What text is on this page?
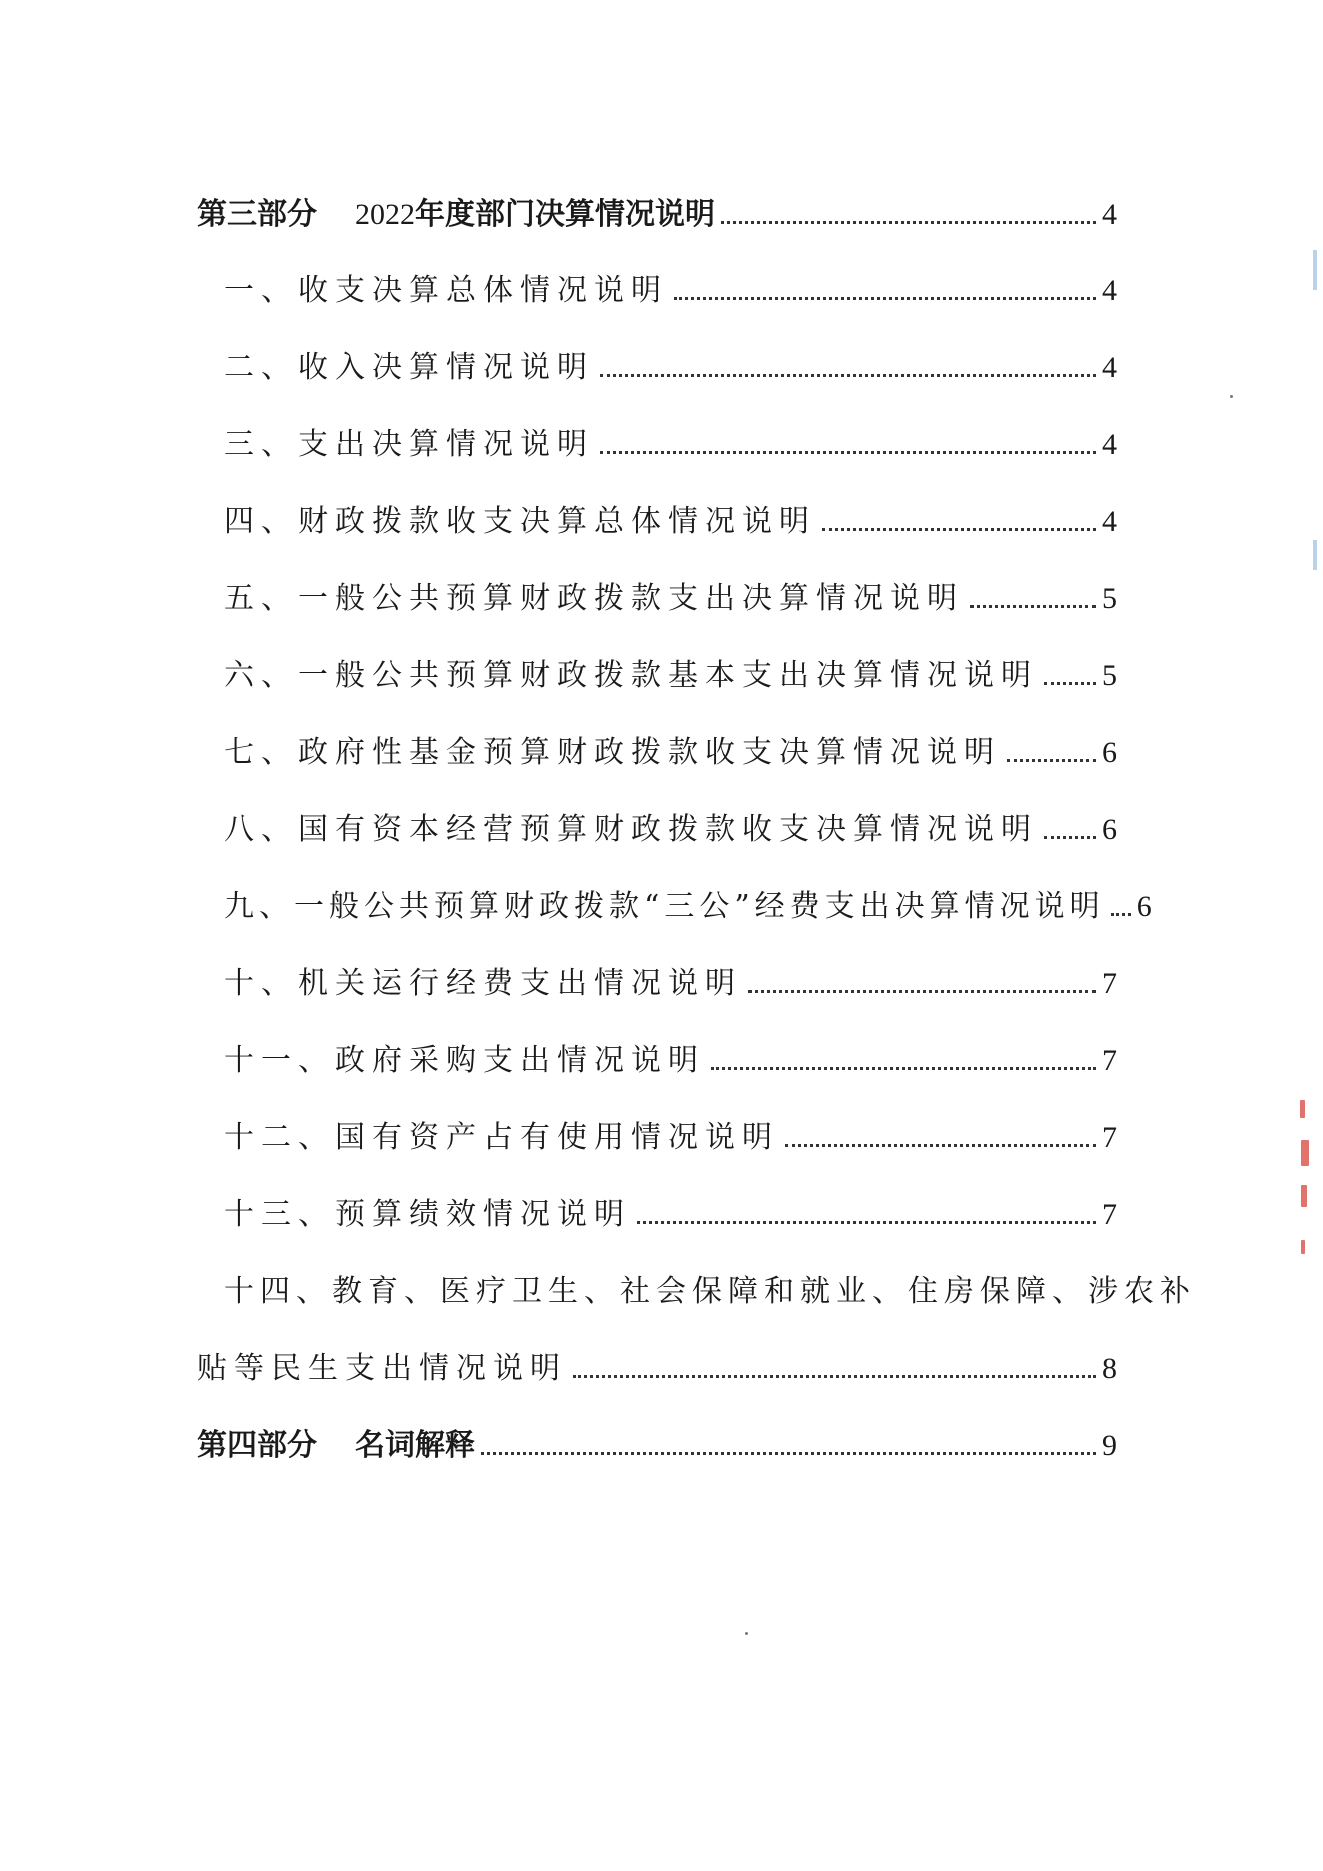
第三部分 2022年度部门决算情况说明	4
一、收支决算总体情况说明	4
二、收入决算情况说明	4
三、支出决算情况说明	4
四、财政拨款收支决算总体情况说明	4
五、一般公共预算财政拨款支出决算情况说明	5
六、一般公共预算财政拨款基本支出决算情况说明 5
七、政府性基金预算财政拨款收支决算情况说明	6
八、国有资本经营预算财政拨款收支决算情况说明 6
九、一般公共预算财政拨款“三公”经费支出决算情况说明 6
十、机关运行经费支出情况说明	7
十一、政府采购支出情况说明	7
十二、国有资产占有使用情况说明	7
十三、预算绩效情况说明	7
十四、教育、医疗卫生、社会保障和就业、住房保障、涉农补
贴等民生支出情况说明	8
第四部分 名词解释	9
